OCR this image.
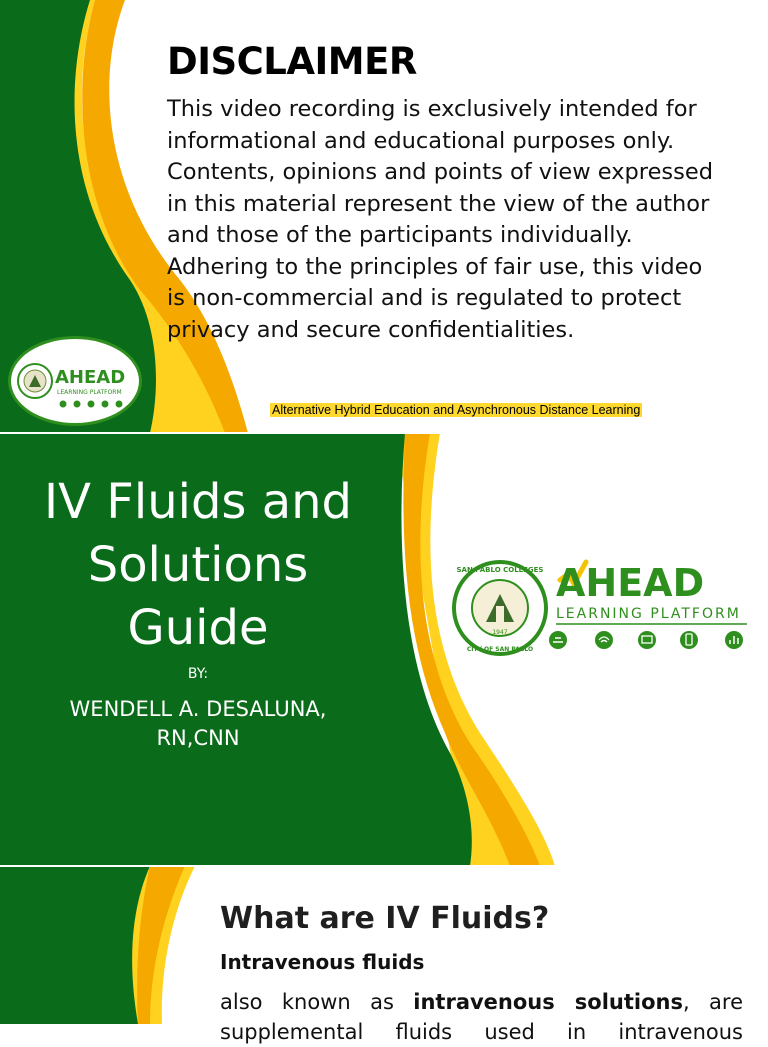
DISCLAIMER
This video recording is exclusively intended for informational and educational purposes only. Contents, opinions and points of view expressed in this material represent the view of the author and those of the participants individually. Adhering to the principles of fair use, this video is non-commercial and is regulated to protect privacy and secure confidentialities.
AHEAD
LEARNING PLATFORM
Alternative Hybrid Education and Asynchronous Distance Learning
IV Fluids and Solutions Guide
BY:
WENDELL A. DESALUNA, RN,CNN
SAN PABLO COLLEGES
CITY OF SAN PABLO
1947
AHEAD
LEARNING PLATFORM
What are IV Fluids?
Intravenous fluids
also known as intravenous solutions, are supplemental fluids used in intravenous
